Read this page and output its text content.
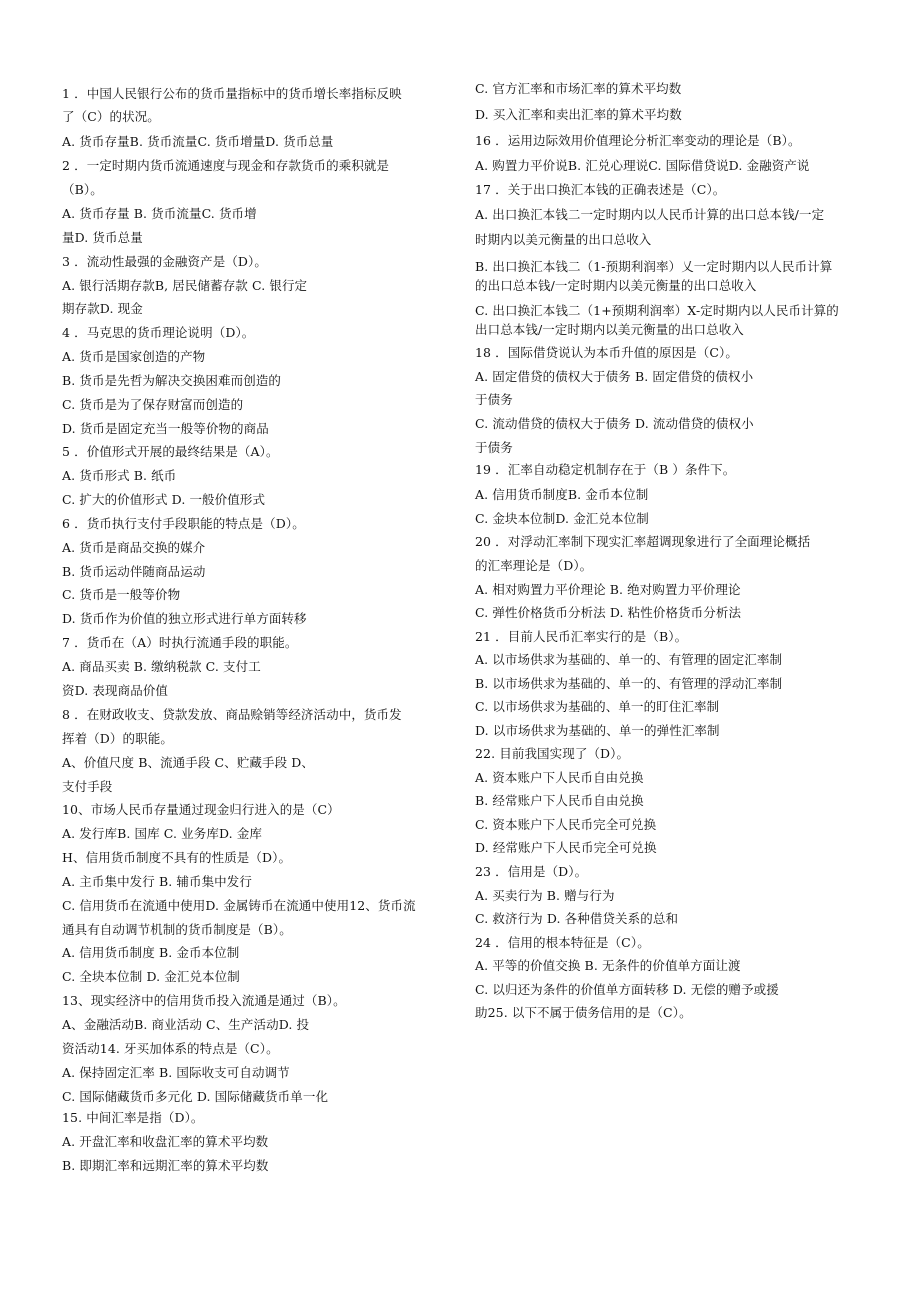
1 ．中国人民银行公布的货币量指标中的货币增长率指标反映
了（C）的状况。
A. 货币存量B. 货币流量C. 货币增量D. 货币总量
2 ．一定时期内货币流通速度与现金和存款货币的乘积就是
（B）。
A. 货币存量 B. 货币流量C. 货币增
量D. 货币总量
3 ．流动性最强的金融资产是（D）。
A. 银行活期存款B, 居民储蓄存款 C. 银行定
期存款D. 现金
4 ．马克思的货币理论说明（D）。
A. 货币是国家创造的产物
B. 货币是先哲为解决交换困难而创造的
C. 货币是为了保存财富而创造的
D. 货币是固定充当一般等价物的商品
5 ．价值形式开展的最终结果是（A）。
A. 货币形式 B. 纸币
C. 扩大的价值形式 D. 一般价值形式
6 ．货币执行支付手段职能的特点是（D）。
A. 货币是商品交换的媒介
B. 货币运动伴随商品运动
C. 货币是一般等价物
D. 货币作为价值的独立形式进行单方面转移
7 ．货币在（A）时执行流通手段的职能。
A. 商品买卖 B. 缴纳税款 C. 支付工
资D. 表现商品价值
8 ．在财政收支、贷款发放、商品赊销等经济活动中，货币发
挥着（D）的职能。
A、价值尺度 B、流通手段 C、贮藏手段 D、
支付手段
10、市场人民币存量通过现金归行进入的是（C）
A. 发行库B. 国库 C. 业务库D. 金库
H、信用货币制度不具有的性质是（D）。
A. 主币集中发行 B. 辅币集中发行
C. 信用货币在流通中使用D. 金属铸币在流通中使用12、货币流
通具有自动调节机制的货币制度是（B）。
A. 信用货币制度 B. 金币本位制
C. 全块本位制 D. 金汇兑本位制
13、现实经济中的信用货币投入流通是通过（B）。
A、金融活动B. 商业活动 C、生产活动D. 投
资活动14. 牙买加体系的特点是（C）。
A. 保持固定汇率 B. 国际收支可自动调节
C. 国际储藏货币多元化 D. 国际储藏货币单一化
15. 中间汇率是指（D）。
A. 开盘汇率和收盘汇率的算术平均数
B. 即期汇率和远期汇率的算术平均数
C. 官方汇率和市场汇率的算术平均数
D. 买入汇率和卖出汇率的算术平均数
16 ．运用边际效用价值理论分析汇率变动的理论是（B）。
A. 购置力平价说B. 汇兑心理说C. 国际借贷说D. 金融资产说
17 ．关于出口换汇本钱的正确表述是（C）。
A. 出口换汇本钱二一定时期内以人民币计算的出口总本钱/一定
时期内以美元衡量的出口总收入
B. 出口换汇本钱二（1-预期利润率）乂一定时期内以人民币计算
的出口总本钱/一定时期内以美元衡量的出口总收入
C. 出口换汇本钱二（1+预期利润率）X-定时期内以人民币计算的
出口总本钱/一定时期内以美元衡量的出口总收入
18 ．国际借贷说认为本币升值的原因是（C）。
A. 固定借贷的债权大于债务 B. 固定借贷的债权小
于债务
C. 流动借贷的债权大于债务 D. 流动借贷的债权小
于债务
19 ．汇率自动稳定机制存在于（B ）条件下。
A. 信用货币制度B. 金币本位制
C. 金块本位制D. 金汇兑本位制
20 ．对浮动汇率制下现实汇率超调现象进行了全面理论概括
的汇率理论是（D）。
A. 相对购置力平价理论 B. 绝对购置力平价理论
C. 弹性价格货币分析法 D. 粘性价格货币分析法
21 ．目前人民币汇率实行的是（B）。
A. 以市场供求为基础的、单一的、有管理的固定汇率制
B. 以市场供求为基础的、单一的、有管理的浮动汇率制
C. 以市场供求为基础的、单一的盯住汇率制
D. 以市场供求为基础的、单一的弹性汇率制
22. 目前我国实现了（D）。
A. 资本账户下人民币自由兑换
B. 经常账户下人民币自由兑换
C. 资本账户下人民币完全可兑换
D. 经常账户下人民币完全可兑换
23 ．信用是（D）。
A. 买卖行为 B. 赠与行为
C. 救济行为 D. 各种借贷关系的总和
24 ．信用的根本特征是（C）。
A. 平等的价值交换 B. 无条件的价值单方面让渡
C. 以归还为条件的价值单方面转移 D. 无偿的赠予或援
助25. 以下不属于债务信用的是（C）。
